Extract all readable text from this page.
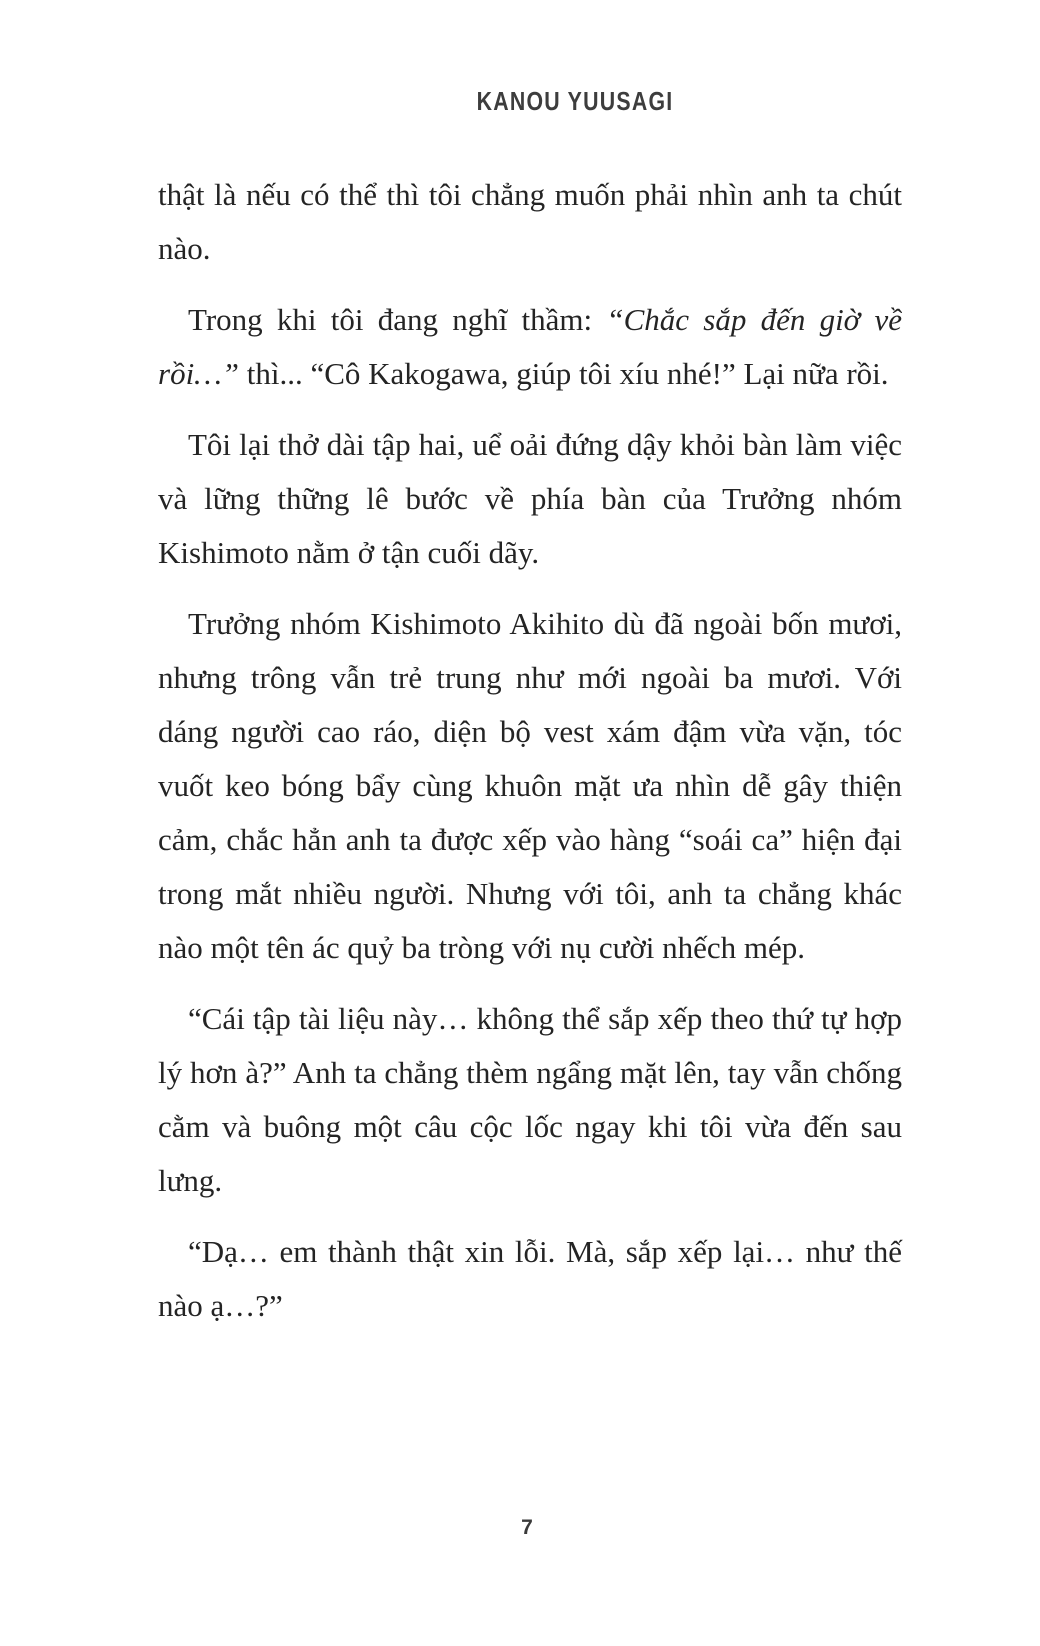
KANOU YUUSAGI

thật là nếu có thể thì tôi chẳng muốn phải nhìn anh ta chút nào.

Trong khi tôi đang nghĩ thầm: “Chắc sắp đến giờ về rồi…” thì... “Cô Kakogawa, giúp tôi xíu nhé!” Lại nữa rồi.

Tôi lại thở dài tập hai, uể oải đứng dậy khỏi bàn làm việc và lững thững lê bước về phía bàn của Trưởng nhóm Kishimoto nằm ở tận cuối dãy.

Trưởng nhóm Kishimoto Akihito dù đã ngoài bốn mươi, nhưng trông vẫn trẻ trung như mới ngoài ba mươi. Với dáng người cao ráo, diện bộ vest xám đậm vừa vặn, tóc vuốt keo bóng bẩy cùng khuôn mặt ưa nhìn dễ gây thiện cảm, chắc hẳn anh ta được xếp vào hàng “soái ca” hiện đại trong mắt nhiều người. Nhưng với tôi, anh ta chẳng khác nào một tên ác quỷ ba tròng với nụ cười nhếch mép.

“Cái tập tài liệu này… không thể sắp xếp theo thứ tự hợp lý hơn à?” Anh ta chẳng thèm ngẩng mặt lên, tay vẫn chống cằm và buông một câu cộc lốc ngay khi tôi vừa đến sau lưng.

“Dạ… em thành thật xin lỗi. Mà, sắp xếp lại… như thế nào ạ…?”

7
